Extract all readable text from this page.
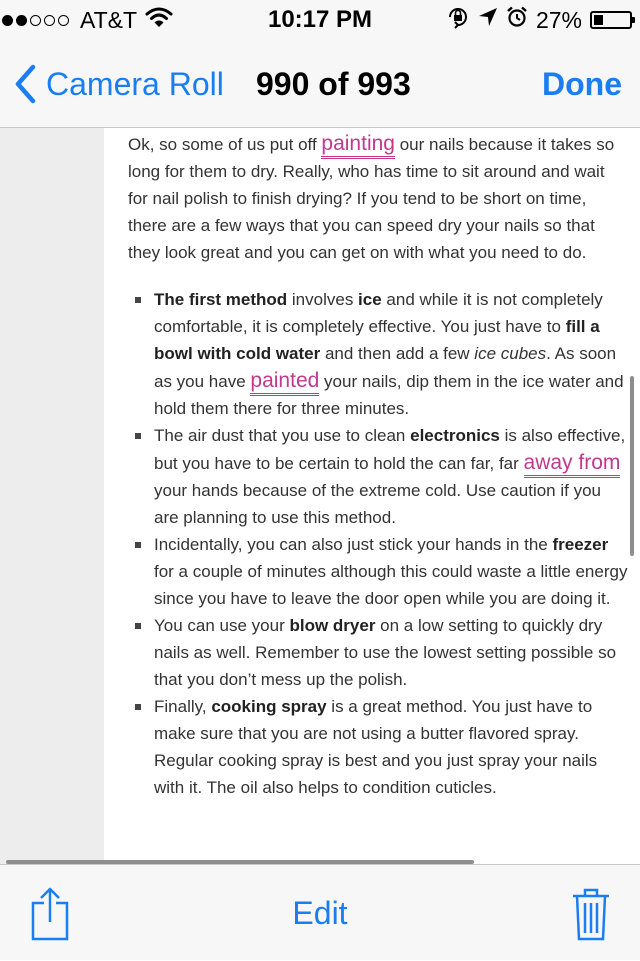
AT&T	10:17 PM	27%
Camera Roll 990 of 993	Done

Ok, so some of us put off painting our nails because it takes so long for them to dry. Really, who has time to sit around and wait for nail polish to finish drying? If you tend to be short on time, there are a few ways that you can speed dry your nails so that they look great and you can get on with what you need to do.

The first method involves ice and while it is not completely comfortable, it is completely effective. You just have to fill a bowl with cold water and then add a few ice cubes. As soon as you have painted your nails, dip them in the ice water and hold them there for three minutes.
The air dust that you use to clean electronics is also effective, but you have to be certain to hold the can far, far away from your hands because of the extreme cold. Use caution if you are planning to use this method.
Incidentally, you can also just stick your hands in the freezer for a couple of minutes although this could waste a little energy since you have to leave the door open while you are doing it.
You can use your blow dryer on a low setting to quickly dry nails as well. Remember to use the lowest setting possible so that you don’t mess up the polish.
Finally, cooking spray is a great method. You just have to make sure that you are not using a butter flavored spray. Regular cooking spray is best and you just spray your nails with it. The oil also helps to condition cuticles.
Edit
